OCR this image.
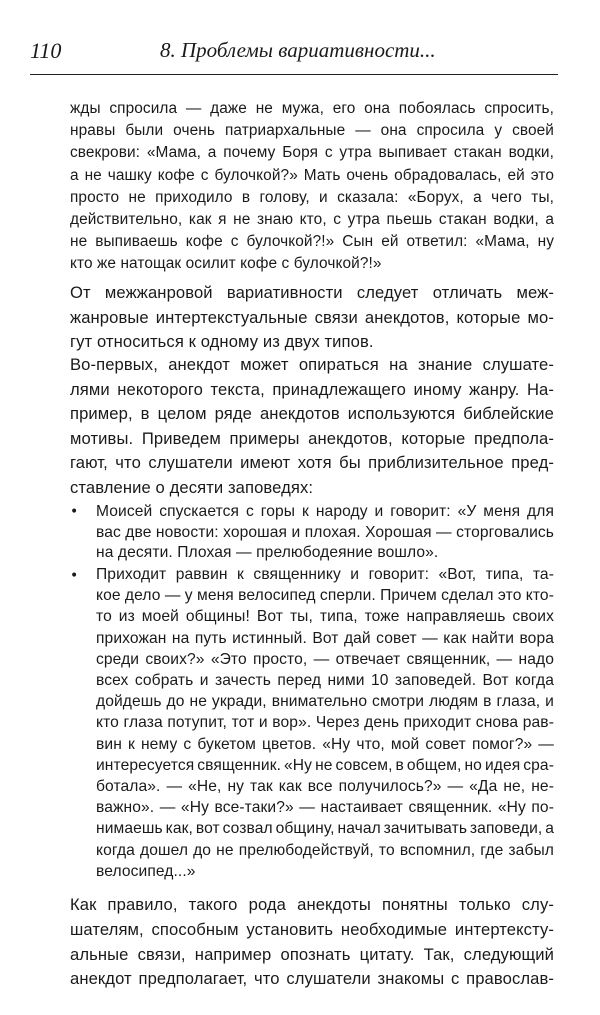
110	8. Проблемы вариативности...
жды спросила — даже не мужа, его она побоялась спросить,
нравы были очень патриархальные — она спросила у своей
свекрови: «Мама, а почему Боря с утра выпивает стакан водки,
а не чашку кофе с булочкой?» Мать очень обрадовалась, ей это
просто не приходило в голову, и сказала: «Борух, а чего ты,
действительно, как я не знаю кто, с утра пьешь стакан водки, а
не выпиваешь кофе с булочкой?!» Сын ей ответил: «Мама, ну
кто же натощак осилит кофе с булочкой?!»
От межжанровой вариативности следует отличать меж-
жанровые интертекстуальные связи анекдотов, которые мо-
гут относиться к одному из двух типов.
Во-первых, анекдот может опираться на знание слушате-
лями некоторого текста, принадлежащего иному жанру. На-
пример, в целом ряде анекдотов используются библейские
мотивы. Приведем примеры анекдотов, которые предпола-
гают, что слушатели имеют хотя бы приблизительное пред-
ставление о десяти заповедях:
• Моисей спускается с горы к народу и говорит: «У меня для
вас две новости: хорошая и плохая. Хорошая — сторговались
на десяти. Плохая — прелюбодеяние вошло».
• Приходит раввин к священнику и говорит: «Вот, типа, та-
кое дело — у меня велосипед сперли. Причем сделал это кто-
то из моей общины! Вот ты, типа, тоже направляешь своих
прихожан на путь истинный. Вот дай совет — как найти вора
среди своих?» «Это просто, — отвечает священник, — надо
всех собрать и зачесть перед ними 10 заповедей. Вот когда
дойдешь до не укради, внимательно смотри людям в глаза, и
кто глаза потупит, тот и вор». Через день приходит снова рав-
вин к нему с букетом цветов. «Ну что, мой совет помог?» —
интересуется священник. «Ну не совсем, в общем, но идея сра-
ботала». — «Не, ну так как все получилось?» — «Да не, не-
важно». — «Ну все-таки?» — настаивает священник. «Ну по-
нимаешь как, вот созвал общину, начал зачитывать заповеди, а
когда дошел до не прелюбодействуй, то вспомнил, где забыл
велосипед...»
Как правило, такого рода анекдоты понятны только слу-
шателям, способным установить необходимые интертексту-
альные связи, например опознать цитату. Так, следующий
анекдот предполагает, что слушатели знакомы с православ-
